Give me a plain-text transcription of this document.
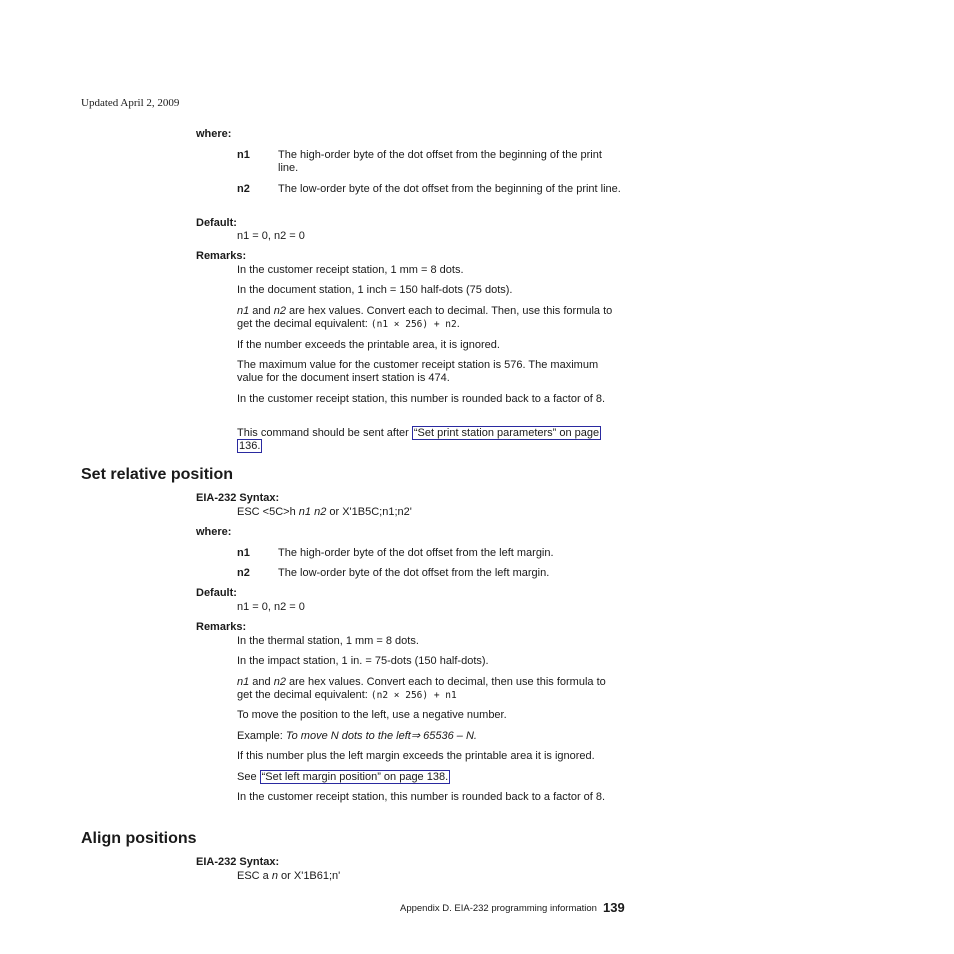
Updated April 2, 2009
where:
n1	The high-order byte of the dot offset from the beginning of the print line.
n2	The low-order byte of the dot offset from the beginning of the print line.
Default:
n1 = 0, n2 = 0
Remarks:
In the customer receipt station, 1 mm = 8 dots.
In the document station, 1 inch = 150 half-dots (75 dots).
n1 and n2 are hex values. Convert each to decimal. Then, use this formula to get the decimal equivalent: (n1 × 256) + n2.
If the number exceeds the printable area, it is ignored.
The maximum value for the customer receipt station is 576. The maximum value for the document insert station is 474.
In the customer receipt station, this number is rounded back to a factor of 8.
This command should be sent after “Set print station parameters” on page
136.
Set relative position
EIA-232 Syntax:
ESC <5C>h n1 n2 or X'1B5C;n1;n2'
where:
n1	The high-order byte of the dot offset from the left margin.
n2	The low-order byte of the dot offset from the left margin.
Default:
n1 = 0, n2 = 0
Remarks:
In the thermal station, 1 mm = 8 dots.
In the impact station, 1 in. = 75-dots (150 half-dots).
n1 and n2 are hex values. Convert each to decimal, then use this formula to get the decimal equivalent: (n2 × 256) + n1
To move the position to the left, use a negative number.
Example: To move N dots to the left⇒ 65536 – N.
If this number plus the left margin exceeds the printable area it is ignored.
See “Set left margin position” on page 138.
In the customer receipt station, this number is rounded back to a factor of 8.
Align positions
EIA-232 Syntax:
ESC a n or X'1B61;n'
Appendix D. EIA-232 programming information 139
